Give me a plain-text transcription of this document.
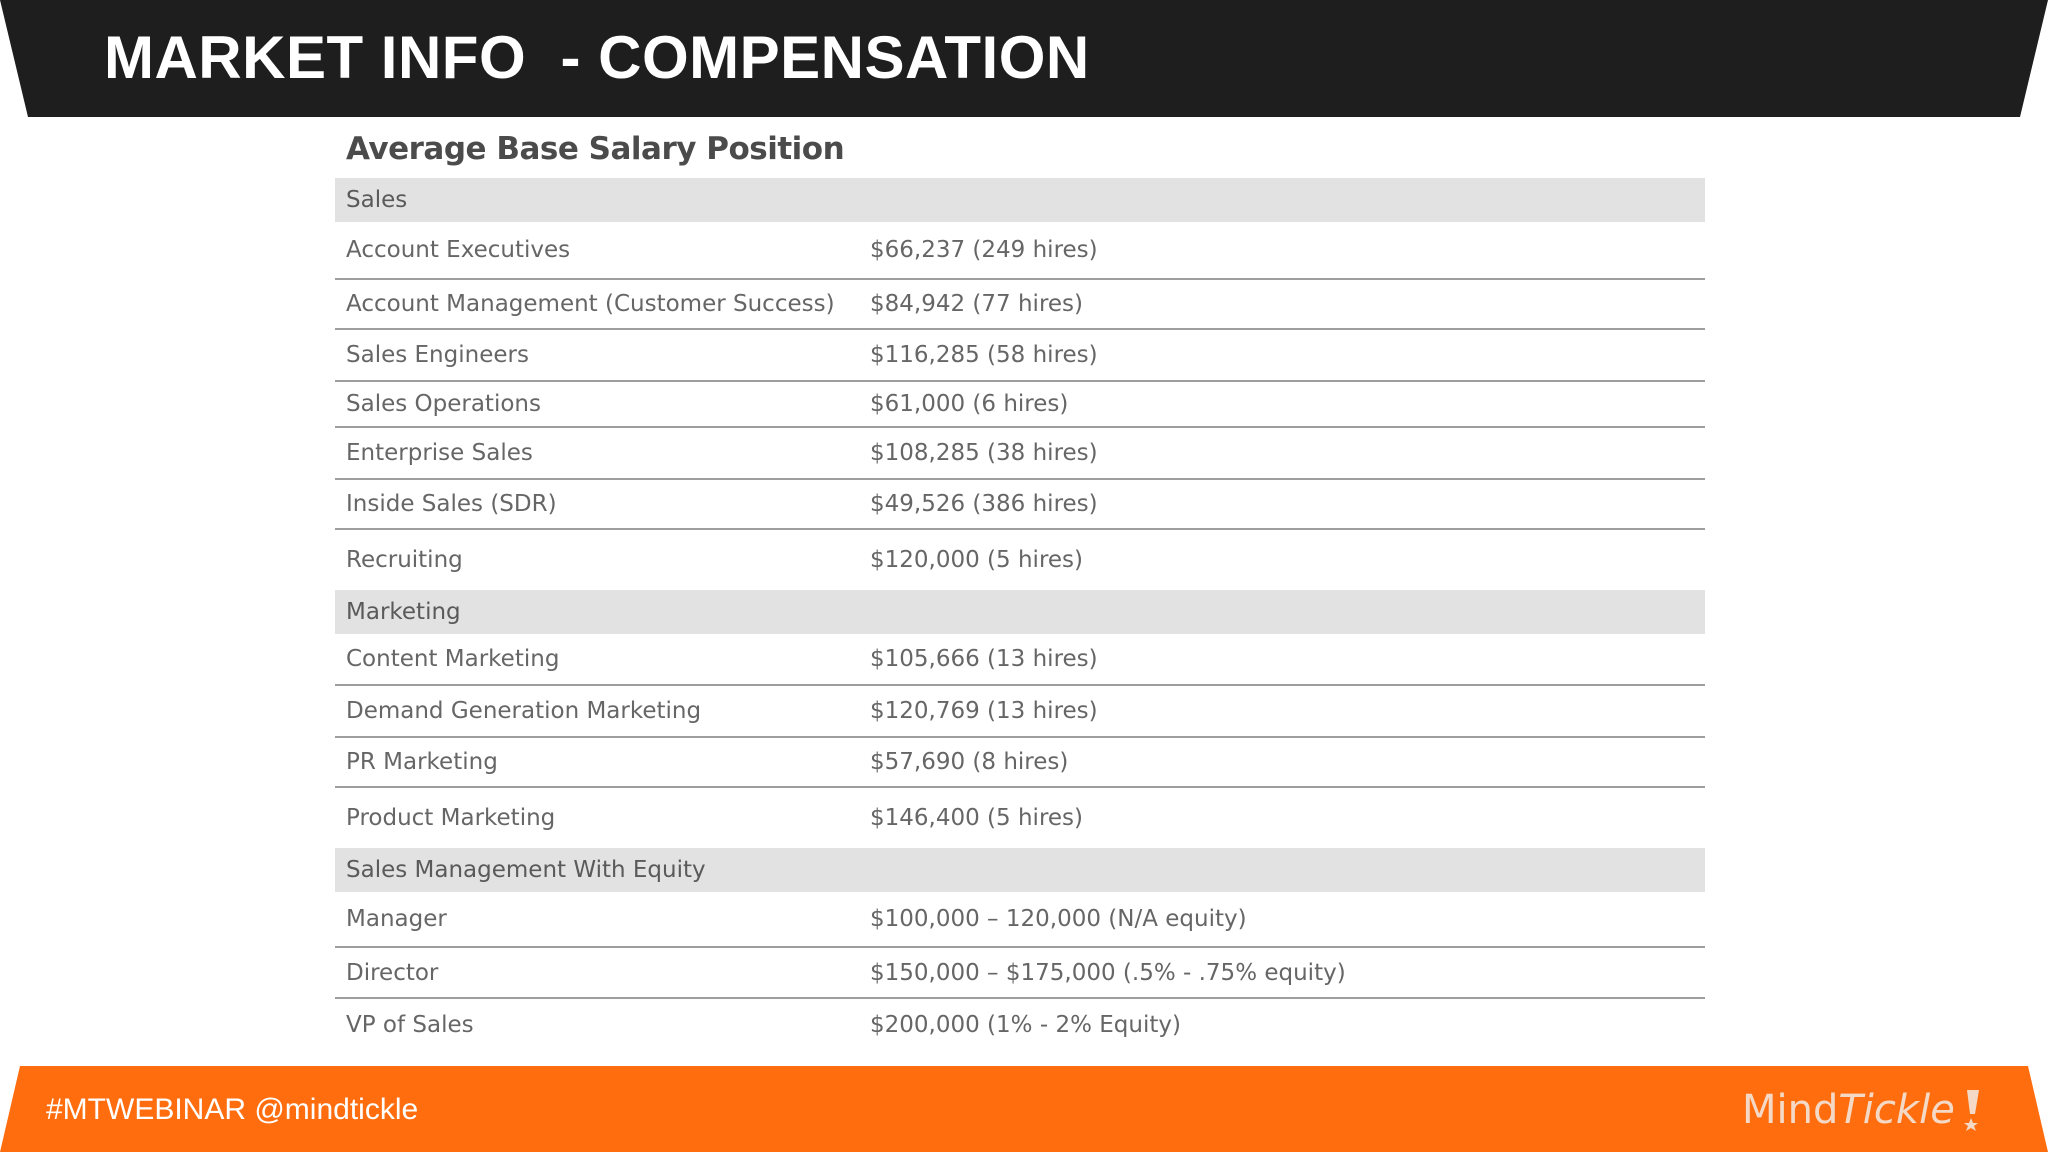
MARKET INFO  - COMPENSATION
Average Base Salary Position
Sales
Account Executives	$66,237 (249 hires)
Account Management (Customer Success)	$84,942 (77 hires)
Sales Engineers	$116,285 (58 hires)
Sales Operations	$61,000 (6 hires)
Enterprise Sales	$108,285 (38 hires)
Inside Sales (SDR)	$49,526 (386 hires)
Recruiting	$120,000 (5 hires)
Marketing
Content Marketing	$105,666 (13 hires)
Demand Generation Marketing	$120,769 (13 hires)
PR Marketing	$57,690 (8 hires)
Product Marketing	$146,400 (5 hires)
Sales Management With Equity
Manager	$100,000 – 120,000 (N/A equity)
Director	$150,000 – $175,000 (.5% - .75% equity)
VP of Sales	$200,000 (1% - 2% Equity)
#MTWEBINAR @mindtickle	Mind Tickle
